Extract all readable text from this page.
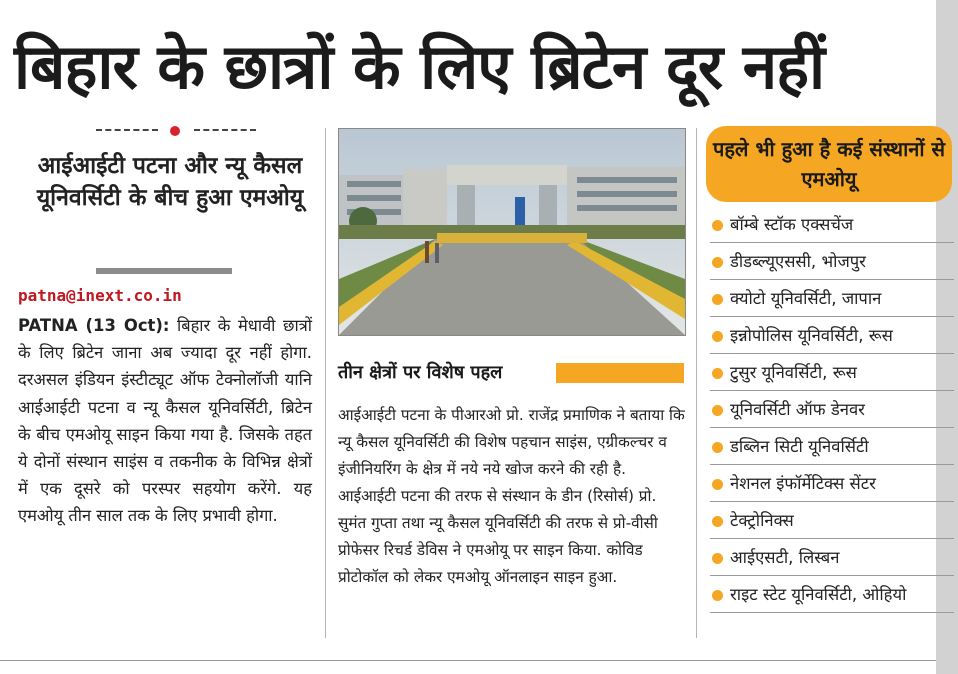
बिहार के छात्रों के लिए ब्रिटेन दूर नहीं
आईआईटी पटना और न्यू कैसल यूनिवर्सिटी के बीच हुआ एमओयू
patna@inext.co.in
PATNA (13 Oct): बिहार के मेधावी छात्रों के लिए ब्रिटेन जाना अब ज्यादा दूर नहीं होगा. दरअसल इंडियन इंस्टीट्यूट ऑफ टेक्नोलॉजी यानि आईआईटी पटना व न्यू कैसल यूनिवर्सिटी, ब्रिटेन के बीच एमओयू साइन किया गया है. जिसके तहत ये दोनों संस्थान साइंस व तकनीक के विभिन्न क्षेत्रों में एक दूसरे को परस्पर सहयोग करेंगे. यह एमओयू तीन साल तक के लिए प्रभावी होगा.
तीन क्षेत्रों पर विशेष पहल
आईआईटी पटना के पीआरओ प्रो. राजेंद्र प्रमाणिक ने बताया कि न्यू कैसल यूनिवर्सिटी की विशेष पहचान साइंस, एग्रीकल्चर व इंजीनियरिंग के क्षेत्र में नये नये खोज करने की रही है. आईआईटी पटना की तरफ से संस्थान के डीन (रिसोर्स) प्रो. सुमंत गुप्ता तथा न्यू कैसल यूनिवर्सिटी की तरफ से प्रो-वीसी प्रोफेसर रिचर्ड डेविस ने एमओयू पर साइन किया. कोविड प्रोटोकॉल को लेकर एमओयू ऑनलाइन साइन हुआ.
पहले भी हुआ है कई संस्थानों से एमओयू
बॉम्बे स्टॉक एक्सचेंज
डीडब्ल्यूएससी, भोजपुर
क्योटो यूनिवर्सिटी, जापान
इन्नोपोलिस यूनिवर्सिटी, रूस
टुसुर यूनिवर्सिटी, रूस
यूनिवर्सिटी ऑफ डेनवर
डब्लिन सिटी यूनिवर्सिटी
नेशनल इंफॉर्मेटिक्स सेंटर
टेक्ट्रोनिक्स
आईएसटी, लिस्बन
राइट स्टेट यूनिवर्सिटी, ओहियो
